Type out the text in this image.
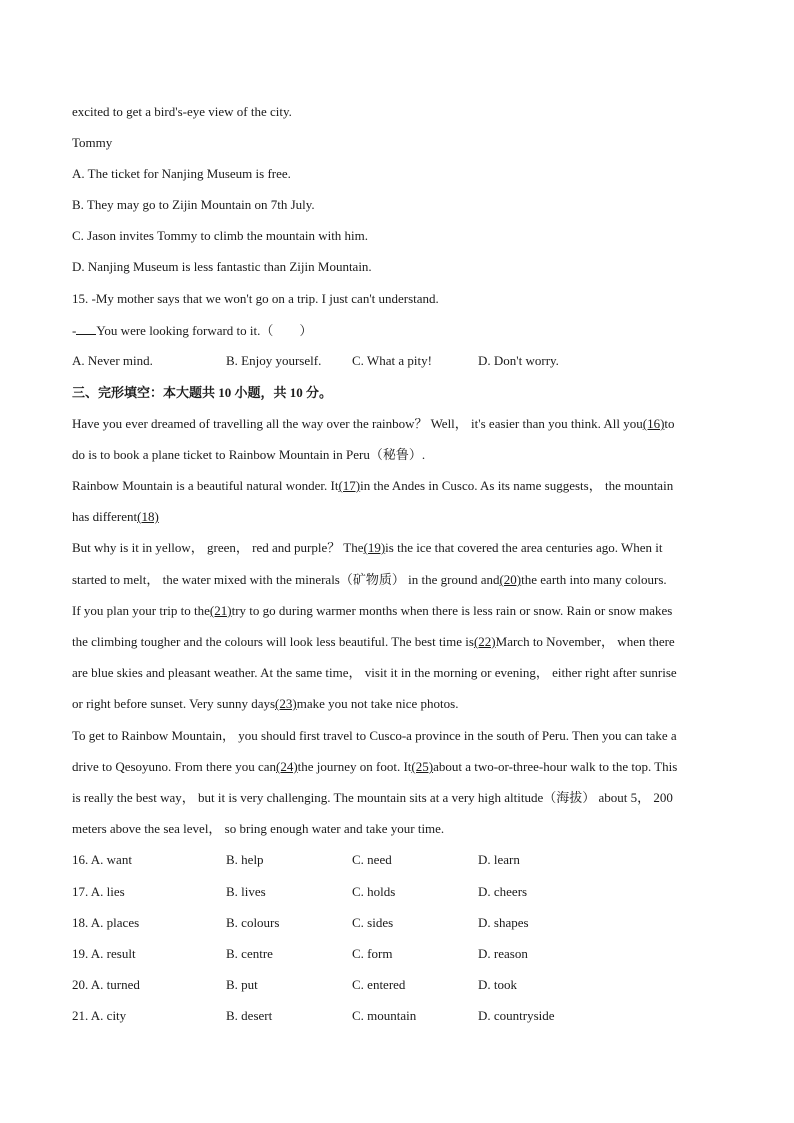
excited to get a bird's-eye view of the city.
Tommy
A. The ticket for Nanjing Museum is free.
B. They may go to Zijin Mountain on 7th July.
C. Jason invites Tommy to climb the mountain with him.
D. Nanjing Museum is less fantastic than Zijin Mountain.
15. -My mother says that we won't go on a trip. I just can't understand.
- You were looking forward to it.（ ）
A. Never mind.	B. Enjoy yourself. C. What a pity!	D. Don't worry.
三、完形填空：本大题共 10 小题，共 10 分。
Have you ever dreamed of travelling all the way over the rainbow？ Well， it's easier than you think. All you(16)to
do is to book a plane ticket to Rainbow Mountain in Peru（秘鲁）.
Rainbow Mountain is a beautiful natural wonder. It(17)in the Andes in Cusco. As its name suggests， the mountain
has different(18)
But why is it in yellow， green， red and purple？ The(19)is the ice that covered the area centuries ago. When it
started to melt， the water mixed with the minerals（矿物质） in the ground and(20)the earth into many colours.
If you plan your trip to the(21)try to go during warmer months when there is less rain or snow. Rain or snow makes
the climbing tougher and the colours will look less beautiful. The best time is(22)March to November， when there
are blue skies and pleasant weather. At the same time， visit it in the morning or evening， either right after sunrise
or right before sunset. Very sunny days(23)make you not take nice photos.
To get to Rainbow Mountain， you should first travel to Cusco-a province in the south of Peru. Then you can take a
drive to Qesoyuno. From there you can(24)the journey on foot. It(25)about a two-or-three-hour walk to the top. This
is really the best way， but it is very challenging. The mountain sits at a very high altitude（海拔） about 5， 200
meters above the sea level， so bring enough water and take your time.
16. A. want	B. help	C. need	D. learn
17. A. lies	B. lives	C. holds	D. cheers
18. A. places	B. colours	C. sides	D. shapes
19. A. result	B. centre	C. form	D. reason
20. A. turned	B. put	C. entered	D. took
21. A. city	B. desert	C. mountain	D. countryside
